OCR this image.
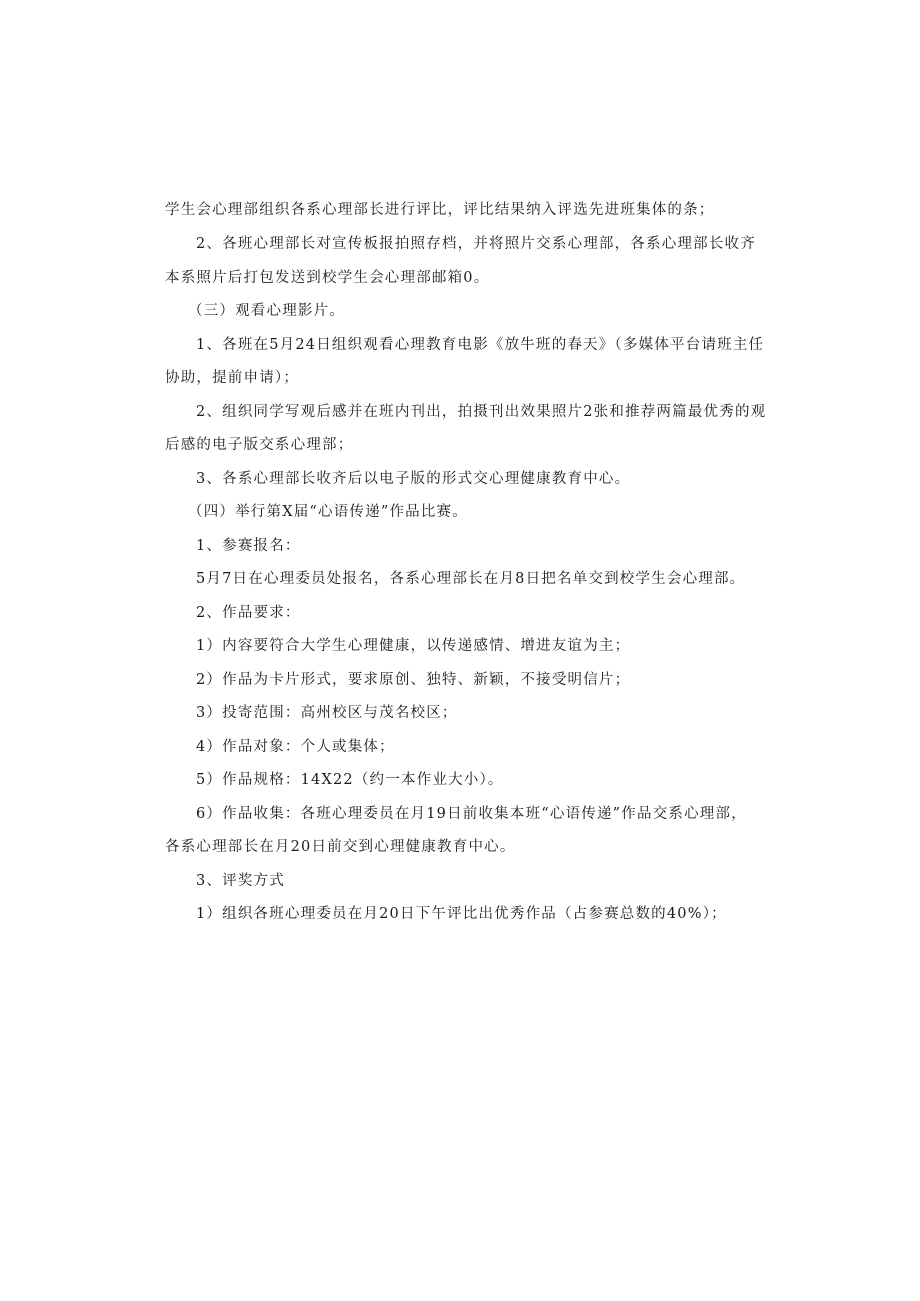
学生会心理部组织各系心理部长进行评比，评比结果纳入评选先进班集体的条；
2、各班心理部长对宣传板报拍照存档，并将照片交系心理部，各系心理部长收齐
本系照片后打包发送到校学生会心理部邮箱0。
（三）观看心理影片。
1、各班在5月24日组织观看心理教育电影《放牛班的春天》（多媒体平台请班主任
协助，提前申请）；
2、组织同学写观后感并在班内刊出，拍摄刊出效果照片2张和推荐两篇最优秀的观
后感的电子版交系心理部；
3、各系心理部长收齐后以电子版的形式交心理健康教育中心。
（四）举行第X届“心语传递”作品比赛。
1、参赛报名：
5月7日在心理委员处报名，各系心理部长在月8日把名单交到校学生会心理部。
2、作品要求：
1）内容要符合大学生心理健康，以传递感情、增进友谊为主；
2）作品为卡片形式，要求原创、独特、新颖，不接受明信片；
3）投寄范围：高州校区与茂名校区；
4）作品对象：个人或集体；
5）作品规格：14X22（约一本作业大小）。
6）作品收集：各班心理委员在月19日前收集本班“心语传递”作品交系心理部，
各系心理部长在月20日前交到心理健康教育中心。
3、评奖方式
1）组织各班心理委员在月20日下午评比出优秀作品（占参赛总数的40%）；
